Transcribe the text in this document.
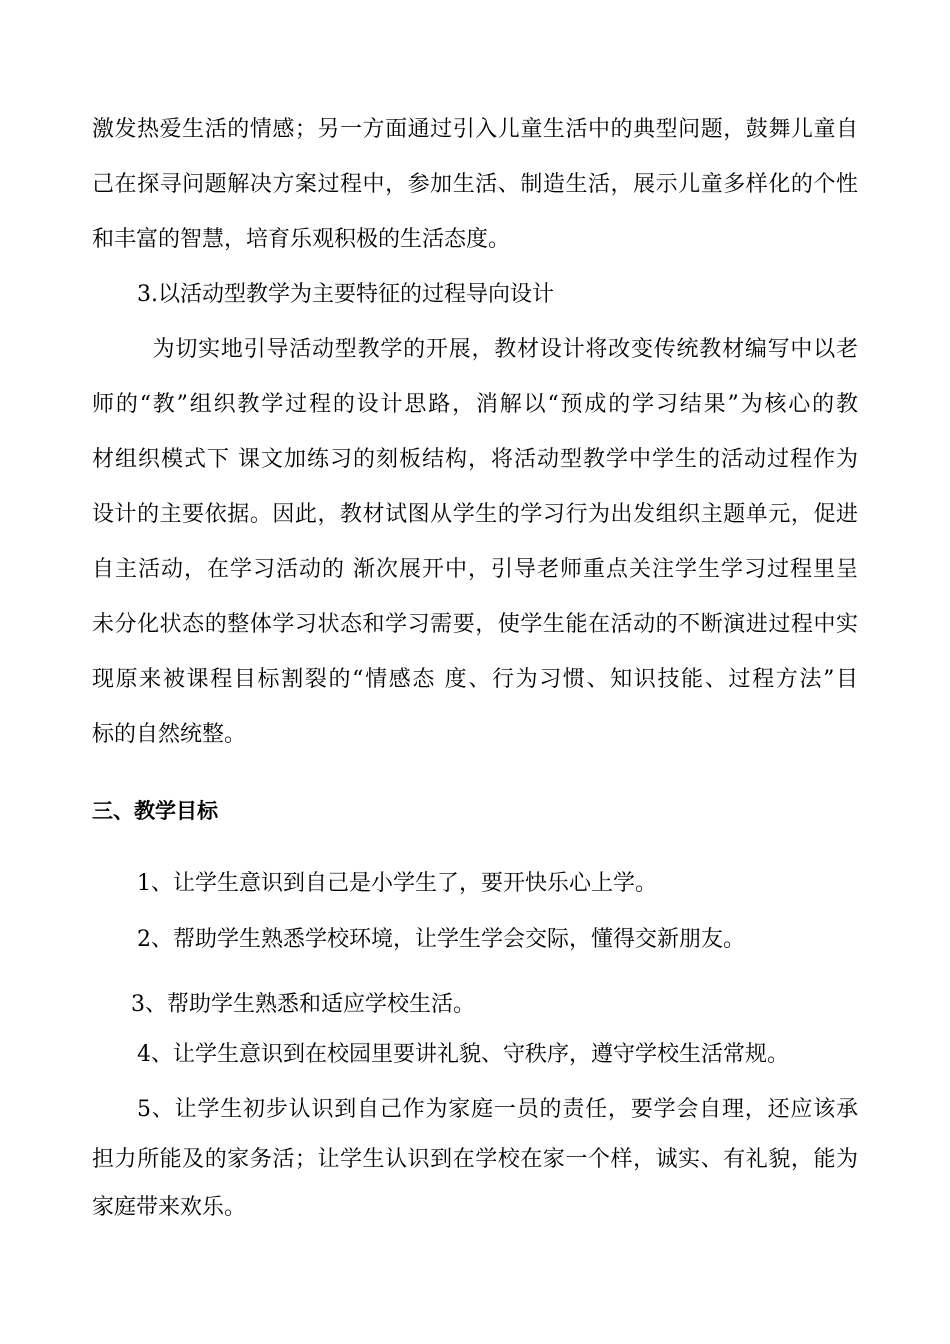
激发热爱生活的情感；另一方面通过引入儿童生活中的典型问题，鼓舞儿童自
己在探寻问题解决方案过程中，参加生活、制造生活，展示儿童多样化的个性
和丰富的智慧，培育乐观积极的生活态度。
3.以活动型教学为主要特征的过程导向设计
为切实地引导活动型教学的开展，教材设计将改变传统教材编写中以老
师的“教”组织教学过程的设计思路，消解以“预成的学习结果”为核心的教
材组织模式下 课文加练习的刻板结构，将活动型教学中学生的活动过程作为
设计的主要依据。因此，教材试图从学生的学习行为出发组织主题单元，促进
自主活动，在学习活动的 渐次展开中，引导老师重点关注学生学习过程里呈
未分化状态的整体学习状态和学习需要，使学生能在活动的不断演进过程中实
现原来被课程目标割裂的“情感态 度、行为习惯、知识技能、过程方法”目
标的自然统整。
三、教学目标
1、让学生意识到自己是小学生了，要开快乐心上学。
2、帮助学生熟悉学校环境，让学生学会交际，懂得交新朋友。
3、帮助学生熟悉和适应学校生活。
4、让学生意识到在校园里要讲礼貌、守秩序，遵守学校生活常规。
5、让学生初步认识到自己作为家庭一员的责任，要学会自理，还应该承
担力所能及的家务活；让学生认识到在学校在家一个样，诚实、有礼貌，能为
家庭带来欢乐。
